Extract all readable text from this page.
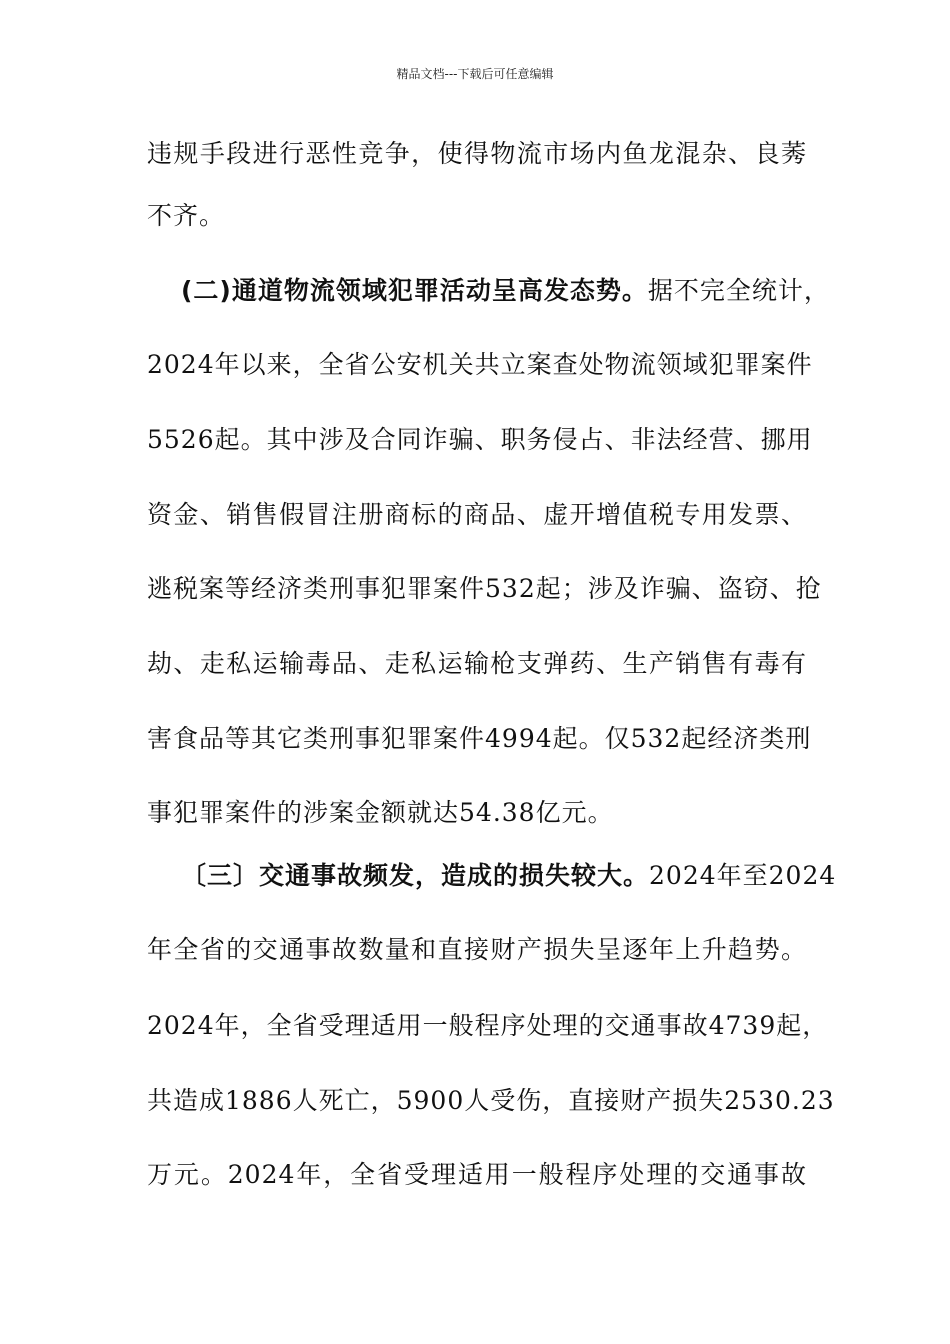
精品文档---下载后可任意编辑
违规手段进行恶性竞争，使得物流市场内鱼龙混杂、良莠
不齐。
(二)通道物流领域犯罪活动呈高发态势。据不完全统计，
2024年以来，全省公安机关共立案查处物流领域犯罪案件
5526起。其中涉及合同诈骗、职务侵占、非法经营、挪用
资金、销售假冒注册商标的商品、虚开增值税专用发票、
逃税案等经济类刑事犯罪案件532起；涉及诈骗、盗窃、抢
劫、走私运输毒品、走私运输枪支弹药、生产销售有毒有
害食品等其它类刑事犯罪案件4994起。仅532起经济类刑
事犯罪案件的涉案金额就达54.38亿元。
〔三〕交通事故频发，造成的损失较大。2024年至2024
年全省的交通事故数量和直接财产损失呈逐年上升趋势。
2024年，全省受理适用一般程序处理的交通事故4739起，
共造成1886人死亡，5900人受伤，直接财产损失2530.23
万元。2024年，全省受理适用一般程序处理的交通事故
